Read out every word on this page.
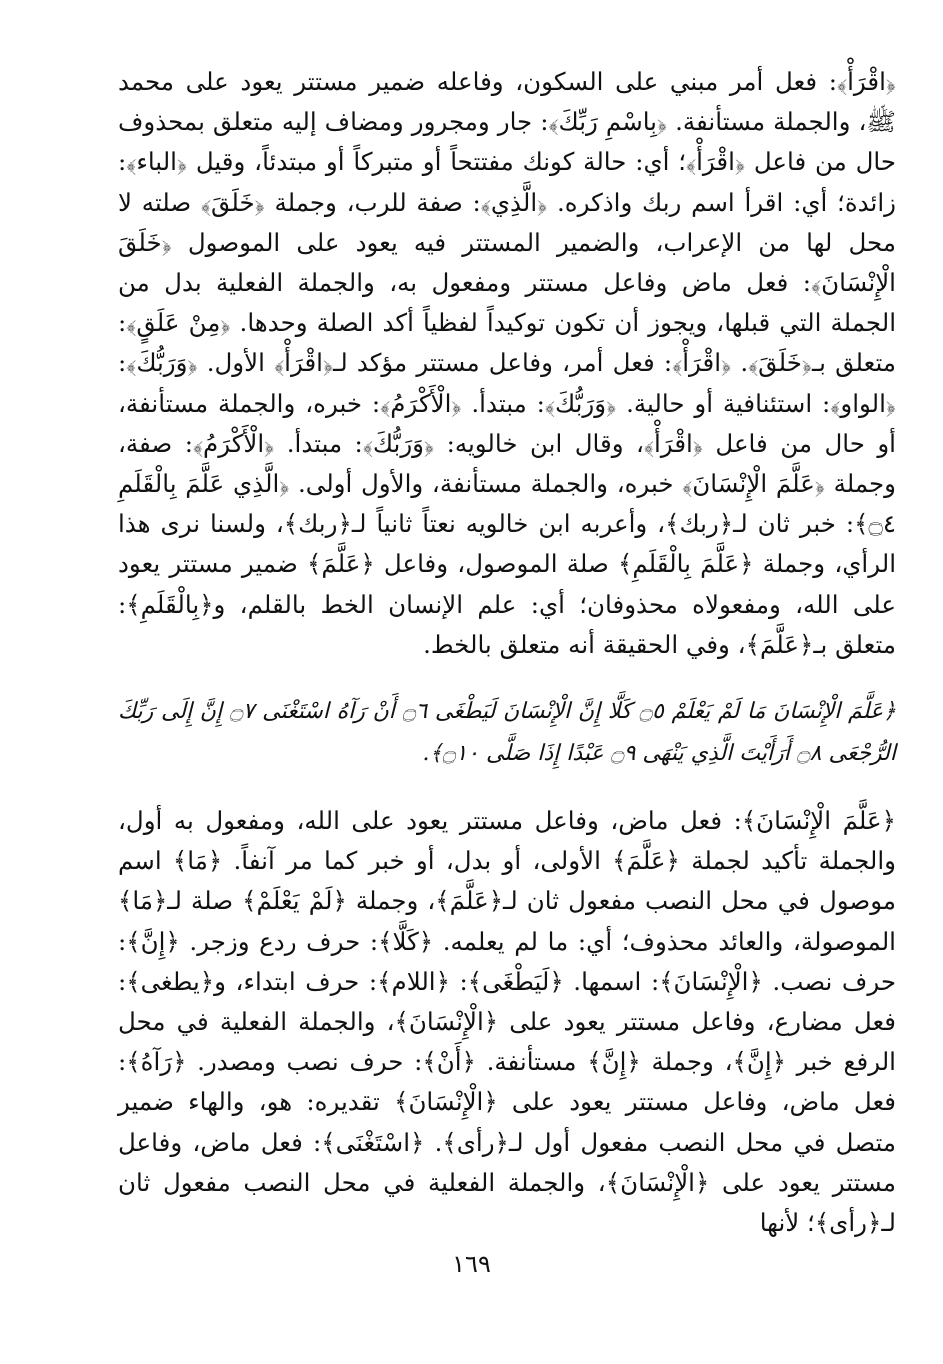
﴿اقْرَأْ﴾: فعل أمر مبني على السكون، وفاعله ضمير مستتر يعود على محمد ﷺ، والجملة مستأنفة. ﴿بِاسْمِ رَبِّكَ﴾: جار ومجرور ومضاف إليه متعلق بمحذوف حال من فاعل ﴿اقْرَأْ﴾؛ أي: حالة كونك مفتتحاً أو متبركاً أو مبتدئاً، وقيل ﴿الباء﴾: زائدة؛ أي: اقرأ اسم ربك واذكره. ﴿الَّذِي﴾: صفة للرب، وجملة ﴿خَلَقَ﴾ صلته لا محل لها من الإعراب، والضمير المستتر فيه يعود على الموصول ﴿خَلَقَ الْإِنْسَانَ﴾: فعل ماض وفاعل مستتر ومفعول به، والجملة الفعلية بدل من الجملة التي قبلها، ويجوز أن تكون توكيداً لفظياً أكد الصلة وحدها. ﴿مِنْ عَلَقٍ﴾: متعلق بـ﴿خَلَقَ﴾. ﴿اقْرَأْ﴾: فعل أمر، وفاعل مستتر مؤكد لـ﴿اقْرَأْ﴾ الأول. ﴿وَرَبُّكَ﴾: ﴿الواو﴾: استئنافية أو حالية. ﴿وَرَبُّكَ﴾: مبتدأ. ﴿الْأَكْرَمُ﴾: خبره، والجملة مستأنفة، أو حال من فاعل ﴿اقْرَأْ﴾، وقال ابن خالويه: ﴿وَرَبُّكَ﴾: مبتدأ. ﴿الْأَكْرَمُ﴾: صفة، وجملة ﴿عَلَّمَ الْإِنْسَانَ﴾ خبره، والجملة مستأنفة، والأول أولى. ﴿الَّذِي عَلَّمَ بِالْقَلَمِ ۝٤﴾: خبر ثان لـ﴿ربك﴾، وأعربه ابن خالويه نعتاً ثانياً لـ﴿ربك﴾، ولسنا نرى هذا الرأي، وجملة ﴿عَلَّمَ بِالْقَلَمِ﴾ صلة الموصول، وفاعل ﴿عَلَّمَ﴾ ضمير مستتر يعود على الله، ومفعولاه محذوفان؛ أي: علم الإنسان الخط بالقلم، و﴿بِالْقَلَمِ﴾: متعلق بـ﴿عَلَّمَ﴾، وفي الحقيقة أنه متعلق بالخط.

﴿عَلَّمَ الْإِنْسَانَ مَا لَمْ يَعْلَمْ ۝٥ كَلَّا إِنَّ الْإِنْسَانَ لَيَطْغَى ۝٦ أَنْ رَآهُ اسْتَغْنَى ۝٧ إِنَّ إِلَى رَبِّكَ الرُّجْعَى ۝٨ أَرَأَيْتَ الَّذِي يَنْهَى ۝٩ عَبْدًا إِذَا صَلَّى ۝١٠﴾.

﴿عَلَّمَ الْإِنْسَانَ﴾: فعل ماض، وفاعل مستتر يعود على الله، ومفعول به أول، والجملة تأكيد لجملة ﴿عَلَّمَ﴾ الأولى، أو بدل، أو خبر كما مر آنفاً. ﴿مَا﴾ اسم موصول في محل النصب مفعول ثان لـ﴿عَلَّمَ﴾، وجملة ﴿لَمْ يَعْلَمْ﴾ صلة لـ﴿مَا﴾ الموصولة، والعائد محذوف؛ أي: ما لم يعلمه. ﴿كَلَّا﴾: حرف ردع وزجر. ﴿إِنَّ﴾: حرف نصب. ﴿الْإِنْسَانَ﴾: اسمها. ﴿لَيَطْغَى﴾: ﴿اللام﴾: حرف ابتداء، و﴿يطغى﴾: فعل مضارع، وفاعل مستتر يعود على ﴿الْإِنْسَانَ﴾، والجملة الفعلية في محل الرفع خبر ﴿إِنَّ﴾، وجملة ﴿إِنَّ﴾ مستأنفة. ﴿أَنْ﴾: حرف نصب ومصدر. ﴿رَآهُ﴾: فعل ماض، وفاعل مستتر يعود على ﴿الْإِنْسَانَ﴾ تقديره: هو، والهاء ضمير متصل في محل النصب مفعول أول لـ﴿رأى﴾. ﴿اسْتَغْنَى﴾: فعل ماض، وفاعل مستتر يعود على ﴿الْإِنْسَانَ﴾، والجملة الفعلية في محل النصب مفعول ثان لـ﴿رأى﴾؛ لأنها

١٦٩
